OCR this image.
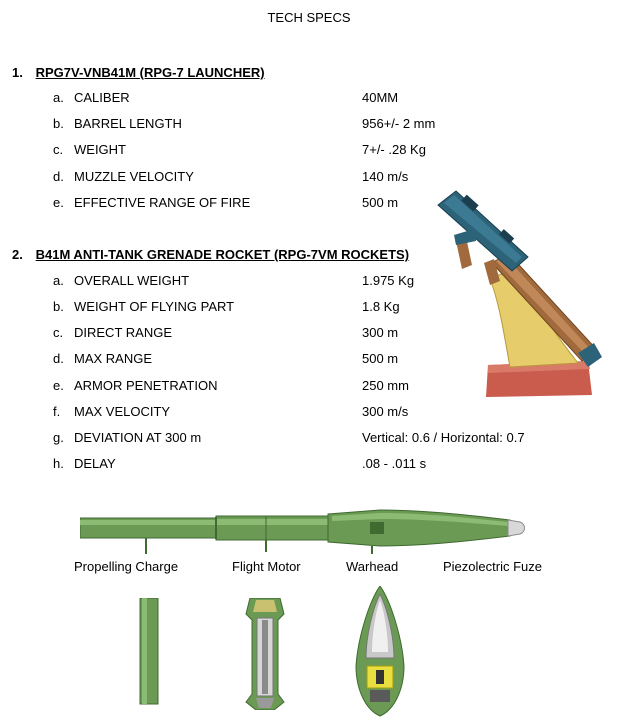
TECH SPECS
1. RPG7V-VNB41M (RPG-7 LAUNCHER)
a. CALIBER	40MM
b. BARREL LENGTH	956+/- 2 mm
c. WEIGHT	7+/- .28 Kg
d. MUZZLE VELOCITY	140 m/s
e. EFFECTIVE RANGE OF FIRE	500 m
2. B41M ANTI-TANK GRENADE ROCKET (RPG-7VM ROCKETS)
a. OVERALL WEIGHT	1.975 Kg
b. WEIGHT OF FLYING PART	1.8 Kg
c. DIRECT RANGE	300 m
d. MAX RANGE	500 m
e. ARMOR PENETRATION	250 mm
f.	MAX VELOCITY	300 m/s
g. DEVIATION AT 300 m	Vertical: 0.6 / Horizontal: 0.7
h. DELAY	.08 - .011 s
Propelling Charge	Flight Motor	Warhead	Piezolectric Fuze
